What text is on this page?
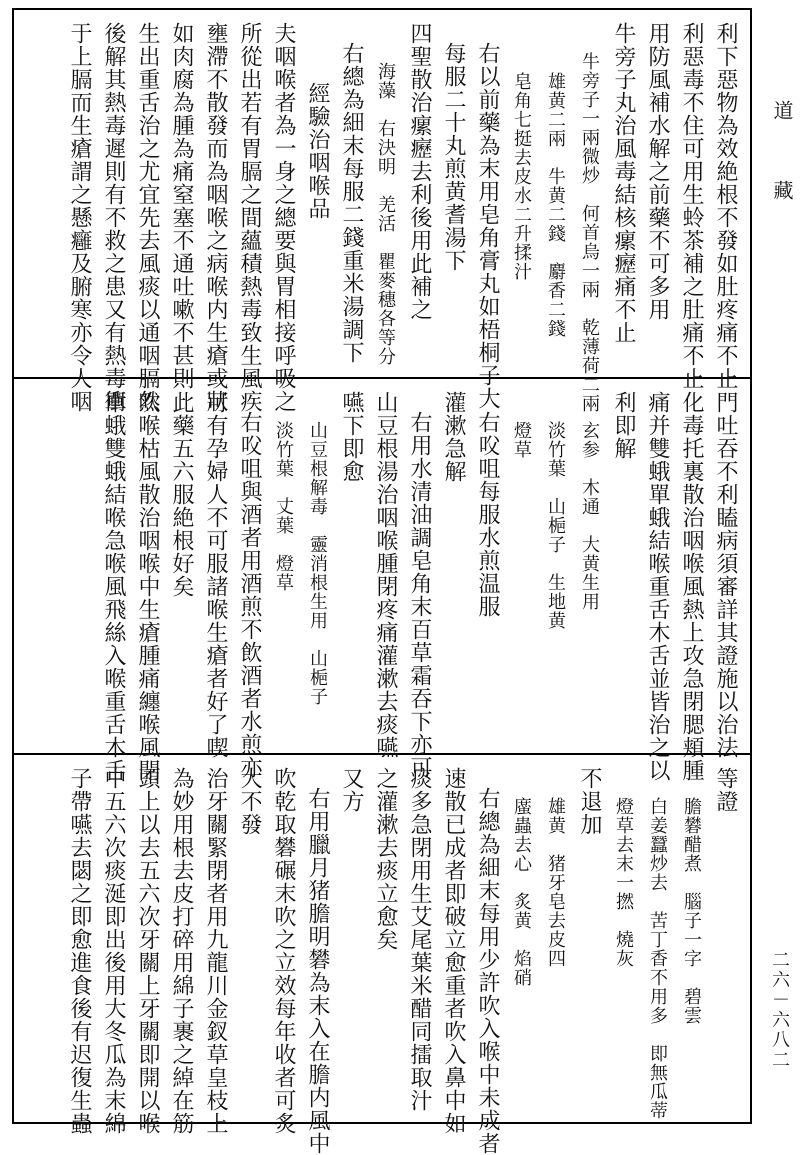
利下惡物為效絶根不發如肚疼痛不止
利惡毒不住可用生蛉茶補之肚痛不止
用防風補水解之前藥不可多用
牛旁子丸治風毒結核瘰癧痛不止
牛旁子一兩微炒　何首烏一兩　乾薄荷二兩
雄黄二兩　牛黄二錢　麝香二錢
皂角七挺去皮水二升揉汁
右以前藥為末用皂角膏丸如梧桐子大
每服二十丸煎黄耆湯下
四聖散治瘰癧去利後用此補之
海藻　右決明　羌活　瞿麥穗各等分
右總為細末每服二錢重米湯調下
經驗治咽喉品
夫咽喉者為一身之總要與胃相接呼吸之
所從出若有胃膈之間蘊積熱毒致生風疾
壅滯不散發而為咽喉之病喉内生瘡或狀
如肉腐為腫為痛窒塞不通吐嗽不甚則
生出重舌治之尤宜先去風痰以通咽膈然
後解其熱毒遲則有不救之患又有熱毒衝
于上膈而生瘡謂之懸癰及腑寒亦令人咽
門吐吞不利瞌病須審詳其證施以治法
化毒托裏散治咽喉風熱上攻急閉腮頬腫
痛并雙蛾單蛾結喉重舌木舌並皆治之以
利即解
玄参　木通　大黄生用
淡竹葉　山梔子　生地黄
燈草
右㕮咀每服水煎温服
灌漱急解
右用水清油調皂角末百草霜吞下亦可
山豆根湯治咽喉腫閉疼痛灌漱去痰嚥
嚥下即愈
山豆根解毒　靈消根生用　山梔子
淡竹葉　丈葉　燈草
右㕮咀與酒者用酒煎不飲酒者水煎亦
可有孕婦人不可服諸喉生瘡者好了喫
此藥五六服絶根好矣
吹喉枯風散治咽喉中生瘡腫痛纏喉風閉
單蛾雙蛾結喉急喉風飛絲入喉重舌木舌
等證
膽礬醋煮　腦子一字　碧雲
白姜蠶炒去　苦丁香不用多　即無瓜蒂
燈草去末一撚　燒灰
不退加
雄黄　猪牙皂去皮四
䗪蟲去心　炙黄　焰硝
右總為細末每用少許吹入喉中未成者
速散已成者即破立愈重者吹入鼻中如
痰多急閉用生艾尾葉米醋同擂取汁
之灌漱去痰立愈矣
又方
右用臘月猪膽明礬為末入在膽内風中
吹乾取礬碾末吹之立效每年收者可炙
大不發
治牙關緊閉者用九龍川金釵草皇枝上
為妙用根去皮打碎用綿子裹之綽在筋
頭上以去五六次牙關上牙關即開以喉
中五六次痰涎即出後用大冬瓜為末綿
子帶嚥去閟之即愈進食後有迟復生蟲
道
藏
二六－六八二
